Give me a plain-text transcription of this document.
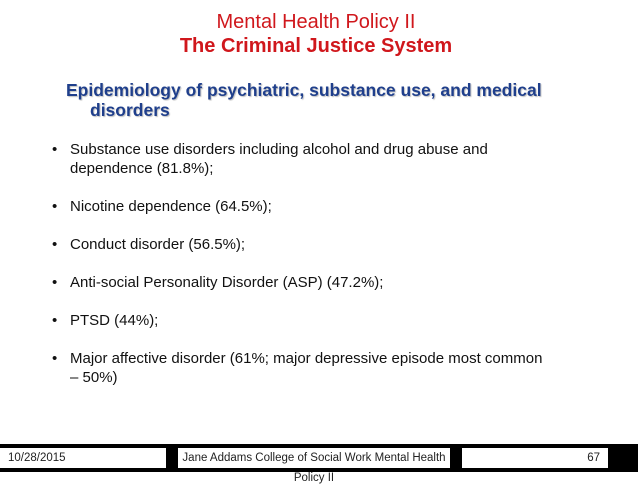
Mental Health Policy II
The Criminal Justice System
Epidemiology of psychiatric, substance use, and medical
disorders
• Substance use disorders including alcohol and drug abuse and
dependence (81.8%);
• Nicotine dependence (64.5%);
• Conduct disorder (56.5%);
• Anti-social Personality Disorder (ASP) (47.2%);
• PTSD (44%);
• Major affective disorder (61%; major depressive episode most common
– 50%)
10/28/2015	Jane Addams College of Social Work Mental Health Policy II
67
